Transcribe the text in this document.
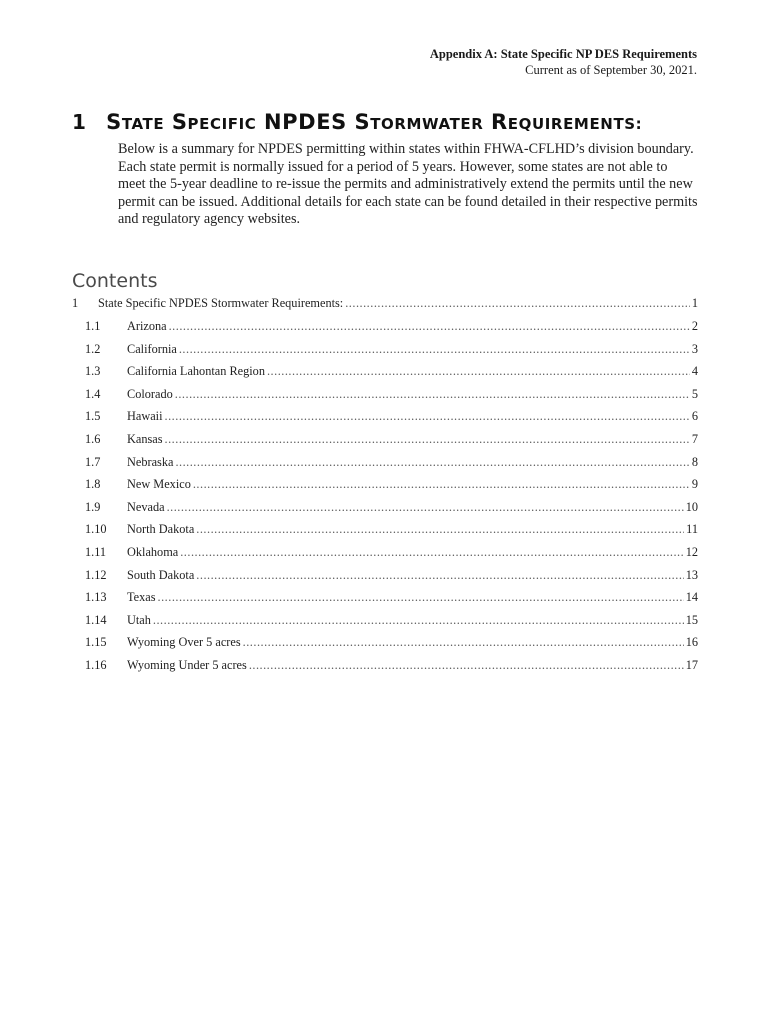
Appendix A: State Specific NP DES Requirements
Current as of September 30, 2021.
1 STATE SPECIFIC NPDES STORMWATER REQUIREMENTS:
Below is a summary for NPDES permitting within states within FHWA-CFLHD’s division boundary. Each state permit is normally issued for a period of 5 years. However, some states are not able to meet the 5-year deadline to re-issue the permits and administratively extend the permits until the new permit can be issued. Additional details for each state can be found detailed in their respective permits and regulatory agency websites.
Contents
1	State Specific NPDES Stormwater Requirements: .....	1
1.1	Arizona .....	2
1.2	California .....	3
1.3	California Lahontan Region .....	4
1.4	Colorado .....	5
1.5	Hawaii .....	6
1.6	Kansas .....	7
1.7	Nebraska .....	8
1.8	New Mexico .....	9
1.9	Nevada .....	10
1.10	North Dakota .....	11
1.11	Oklahoma .....	12
1.12	South Dakota .....	13
1.13	Texas .....	14
1.14	Utah .....	15
1.15	Wyoming Over 5 acres .....	16
1.16	Wyoming Under 5 acres .....	17
